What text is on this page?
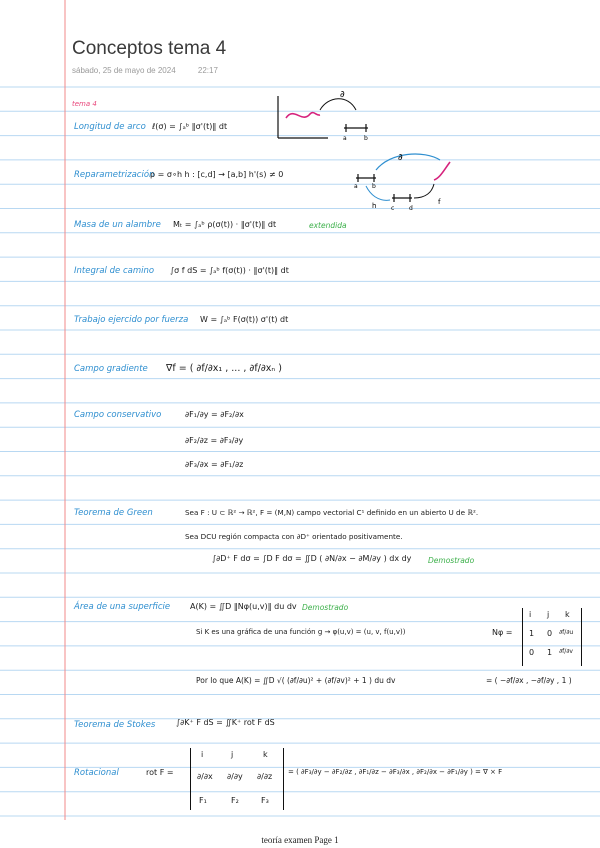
Conceptos tema 4
sábado, 25 de mayo de 2024	22:17
tema 4
Longitud de arco ℓ(σ) = ∫ₐᵇ ‖σ'(t)‖ dt
∂
a	b
Reparametrización
ρ = σ∘h h : [c,d] → [a,b] h'(s) ≠ 0
∂
a b
h c d
f
Masa de un alambre Mₜ = ∫ₐᵇ ρ(σ(t)) · ‖σ'(t)‖ dt	extendida
Integral de camino ∫σ f dS = ∫ₐᵇ f(σ(t)) · ‖σ'(t)‖ dt
Trabajo ejercido por fuerza W = ∫ₐᵇ F(σ(t)) σ'(t) dt
Campo gradiente ∇f = ( ∂f/∂x₁ , ... , ∂f/∂xₙ )
Campo conservativo	∂F₁/∂y = ∂F₂/∂x
∂F₂/∂z = ∂F₃/∂y
∂F₃/∂x = ∂F₁/∂z
Teorema de Green	Sea F : U ⊂ ℝ² → ℝ², F = (M,N) campo vectorial C¹ definido en un abierto U de ℝ².
Sea DCU región compacta con ∂D⁺ orientado positivamente.
∫∂D⁺ F dσ = ∫D F dσ = ∬D ( ∂N/∂x − ∂M/∂y ) dx dy Demostrado
Área de una superficie A(K) = ∬D ‖Nφ(u,v)‖ du dv Demostrado
Si K es una gráfica de una función g → φ(u,v) = (u, v, f(u,v))	Nφ =
i j k
1 0 ∂f/∂u
0 1 ∂f/∂v
Por lo que A(K) = ∬D √( (∂f/∂u)² + (∂f/∂v)² + 1 ) du dv	= ( −∂f/∂x , −∂f/∂y , 1 )
Teorema de Stokes	∫∂K⁺ F dS = ∬K⁺ rot F dS
Rotacional	rot F =
i	j	k
∂/∂x ∂/∂y ∂/∂z
F₁	F₂	F₃
= ( ∂F₃/∂y − ∂F₂/∂z , ∂F₁/∂z − ∂F₃/∂x , ∂F₂/∂x − ∂F₁/∂y ) = ∇ × F
teoría examen Page 1
